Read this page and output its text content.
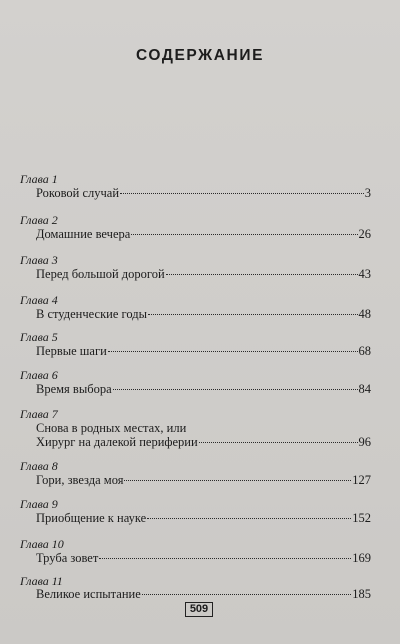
СОДЕРЖАНИЕ
Глава 1
Роковой случай	3
Глава 2
Домашние вечера	26
Глава 3
Перед большой дорогой	43
Глава 4
В студенческие годы	48
Глава 5
Первые шаги	68
Глава 6
Время выбора	84
Глава 7
Снова в родных местах, или
Хирург на далекой периферии	96
Глава 8
Гори, звезда моя	127
Глава 9
Приобщение к науке	152
Глава 10
Труба зовет	169
Глава 11
Великое испытание	185
509
